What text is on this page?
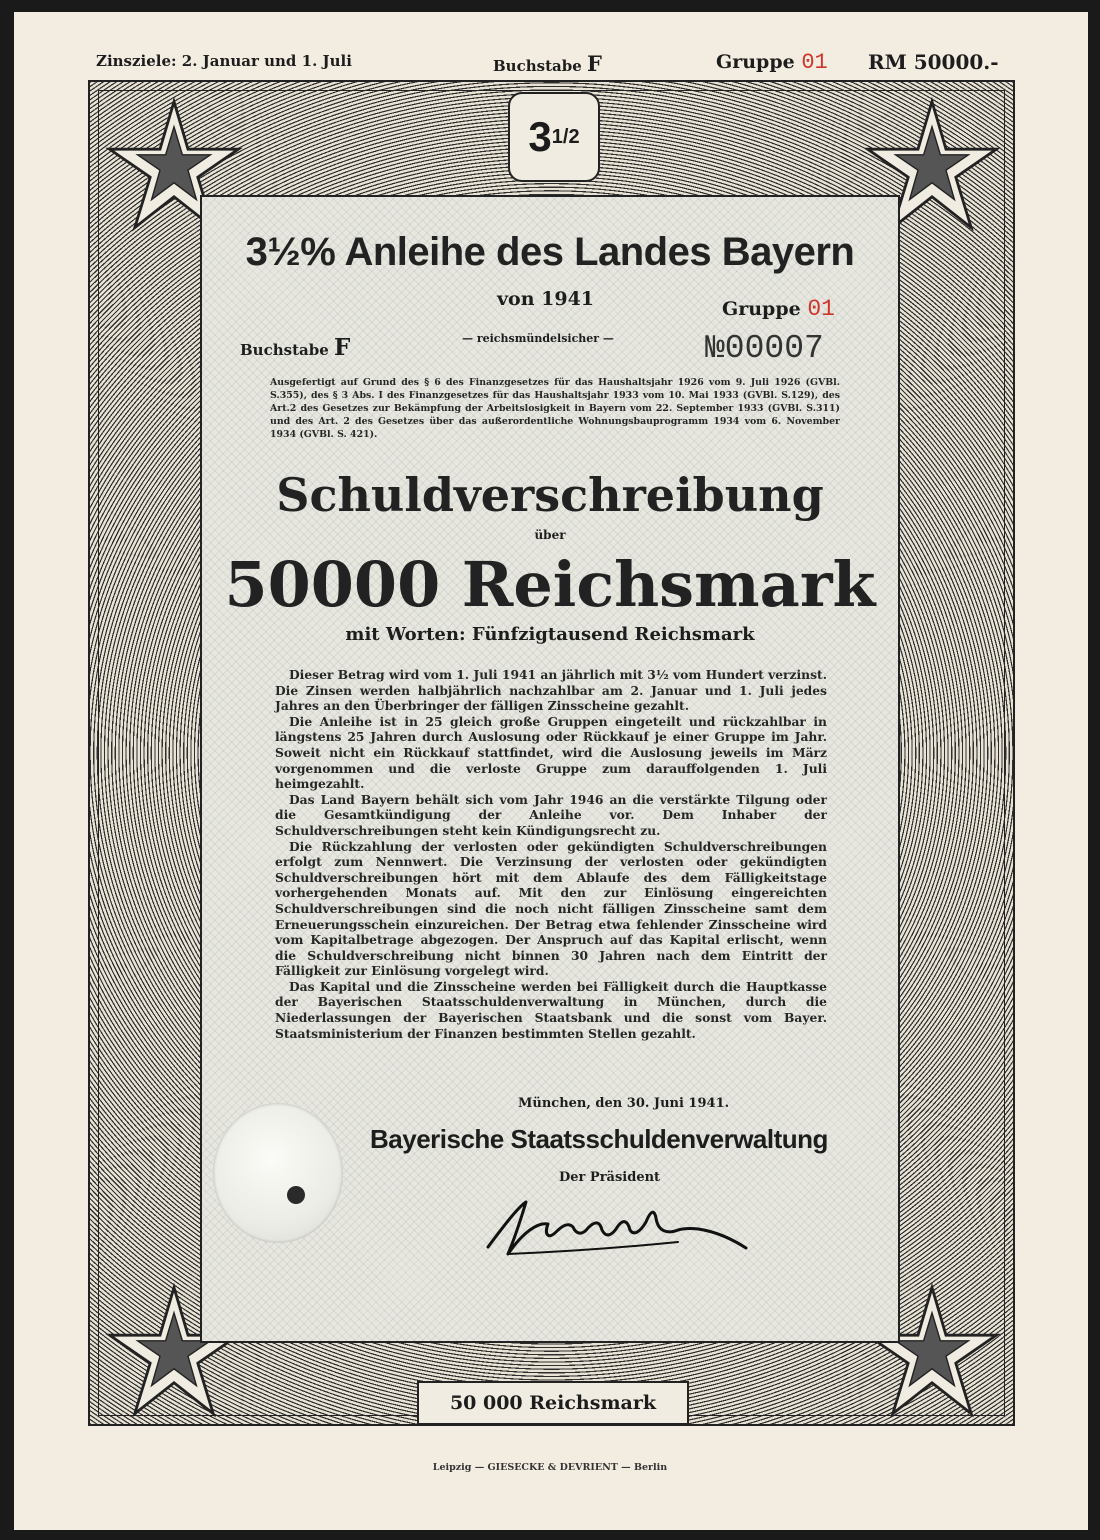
Zinsziele: 2. Januar und 1. Juli	Buchstabe F	Gruppe 01 RM 50000.-
3 1/2
3½% Anleihe des Landes Bayern
von 1941	Gruppe 01
Buchstabe F	— reichsmündelsicher —	№00007
Ausgefertigt auf Grund des § 6 des Finanzgesetzes für das Haushaltsjahr 1926 vom 9. Juli 1926 (GVBl. S.355), des § 3 Abs. I des Finanzgesetzes für das Haushaltsjahr 1933 vom 10. Mai 1933 (GVBl. S.129), des Art.2 des Gesetzes zur Bekämpfung der Arbeitslosigkeit in Bayern vom 22. September 1933 (GVBl. S.311) und des Art. 2 des Gesetzes über das außerordentliche Wohnungsbauprogramm 1934 vom 6. November 1934 (GVBl. S. 421).
Schuldverschreibung
über
50000 Reichsmark
mit Worten: Fünfzigtausend Reichsmark

Dieser Betrag wird vom 1. Juli 1941 an jährlich mit 3½ vom Hundert verzinst. Die Zinsen werden halbjährlich nachzahlbar am 2. Januar und 1. Juli jedes Jahres an den Überbringer der fälligen Zinsscheine gezahlt.

Die Anleihe ist in 25 gleich große Gruppen eingeteilt und rückzahlbar in längstens 25 Jahren durch Auslosung oder Rückkauf je einer Gruppe im Jahr. Soweit nicht ein Rückkauf stattfindet, wird die Auslosung jeweils im März vorgenommen und die verloste Gruppe zum darauffolgenden 1. Juli heimgezahlt.

Das Land Bayern behält sich vom Jahr 1946 an die verstärkte Tilgung oder die Gesamtkündigung der Anleihe vor. Dem Inhaber der Schuldverschreibungen steht kein Kündigungsrecht zu.

Die Rückzahlung der verlosten oder gekündigten Schuldverschreibungen erfolgt zum Nennwert. Die Verzinsung der verlosten oder gekündigten Schuldverschreibungen hört mit dem Ablaufe des dem Fälligkeitstage vorhergehenden Monats auf. Mit den zur Einlösung eingereichten Schuldverschreibungen sind die noch nicht fälligen Zinsscheine samt dem Erneuerungsschein einzureichen. Der Betrag etwa fehlender Zinsscheine wird vom Kapitalbetrage abgezogen. Der Anspruch auf das Kapital erlischt, wenn die Schuldverschreibung nicht binnen 30 Jahren nach dem Eintritt der Fälligkeit zur Einlösung vorgelegt wird.

Das Kapital und die Zinsscheine werden bei Fälligkeit durch die Hauptkasse der Bayerischen Staatsschuldenverwaltung in München, durch die Niederlassungen der Bayerischen Staatsbank und die sonst vom Bayer. Staatsministerium der Finanzen bestimmten Stellen gezahlt.

München, den 30. Juni 1941.
Bayerische Staatsschuldenverwaltung
Der Präsident
50 000 Reichsmark
Leipzig — GIESECKE & DEVRIENT — Berlin
